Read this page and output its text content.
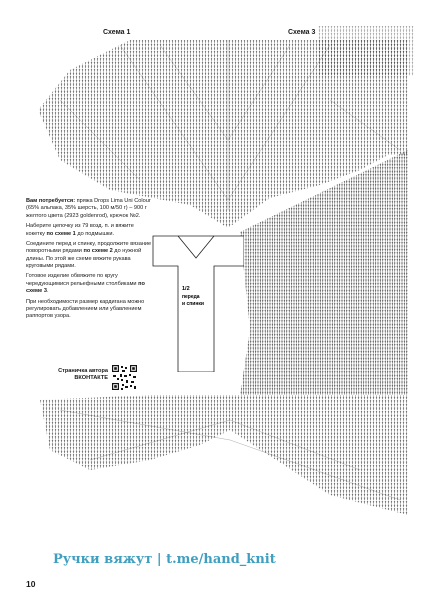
Схема 1	Схема 3

Вам потребуется: пряжа Drops Lima Uni Colour (65% альпака, 35% шерсть, 100 м/50 г) – 900 г желтого цвета (2923 goldenrod), крючок №2.

Наберите цепочку из 79 возд. п. и вяжите кокетку по схеме 1 до подмышки.

Соедините перед и спинку, продолжите вязание поворотными рядами по схеме 2 до нужной длины. По этой же схеме вяжите рукава круговыми рядами.

Готовое изделие обвяжите по кругу чередующимися рельефными столбиками по схеме 3.

При необходимости размер кардигана можно регулировать добавлением или убавлением раппортов узора.

Страничка автора
ВКОНТАКТЕ
1/2
переда
и спинки
Ручки вяжут | t.me/hand_knit
10
